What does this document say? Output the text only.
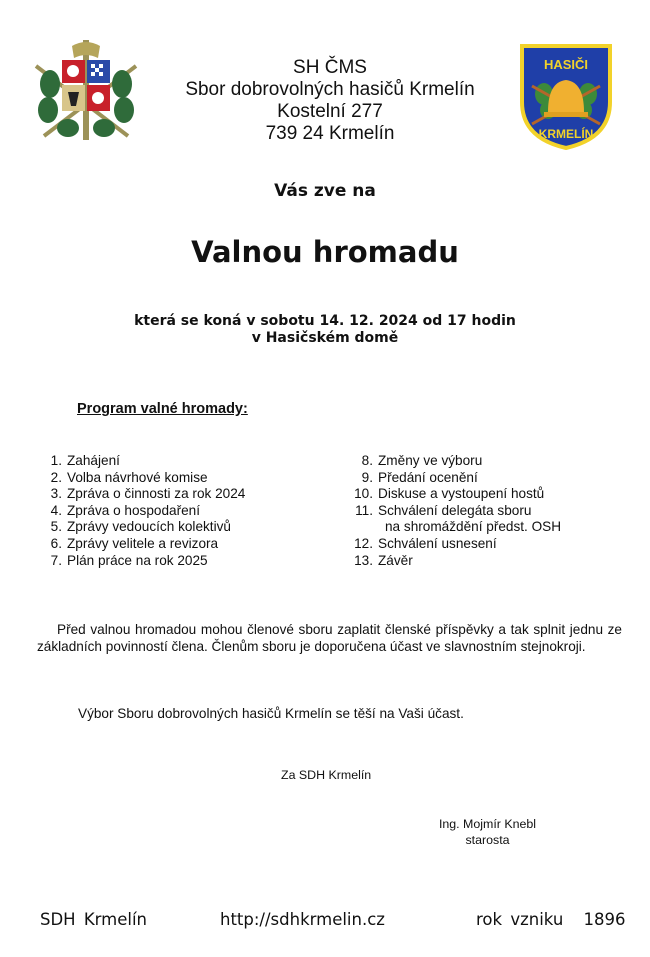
SH ČMS
Sbor dobrovolných hasičů Krmelín
Kostelní 277
739 24 Krmelín
HASIČI
KRMELÍN
Vás zve na
Valnou hromadu
která se koná v sobotu 14. 12. 2024 od 17 hodin
v Hasičském domě
Program valné hromady:
1. Zahájení
2. Volba návrhové komise
3. Zpráva o činnosti za rok 2024
4. Zpráva o hospodaření
5. Zprávy vedoucích kolektivů
6. Zprávy velitele a revizora
7. Plán práce na rok 2025
8. Změny ve výboru
9. Předání ocenění
10. Diskuse a vystoupení hostů
11. Schválení delegáta sboru
na shromáždění předst. OSH
12. Schválení usnesení
13. Závěr
Před valnou hromadou mohou členové sboru zaplatit členské příspěvky a tak splnit jednu ze základních povinností člena. Členům sboru je doporučena účast ve slavnostním stejnokroji.
Výbor Sboru dobrovolných hasičů Krmelín se těší na Vaši účast.
Za SDH Krmelín
Ing. Mojmír Knebl
starosta
SDH Krmelín	http://sdhkrmelin.cz	rok vzniku 1896
